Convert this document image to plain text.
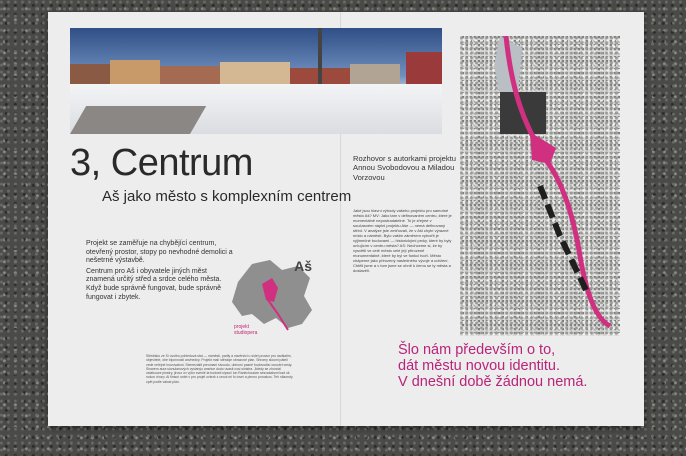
3, Centrum
Aš jako město s komplexním centrem

Projekt se zaměřuje na chybějící centrum, otevřený prostor, stopy po nevhodné demolici a nešetrné výstavbě.

Centrum pro Aš i obyvatele jiných měst znamená určitý střed a srdce celého města. Když bude správně fungovat, bude správně fungovat i zbytek.

Aš
projekt
studiopera
Středisko ze Sí ovolbu pohledová stat — náměstí, partly a návěrstvi u sídel prostor pro nadšatim, objevitele, obe bipovnosti anvhedny. Projekt malí stěrciqe obrazové plan, Shromy sloumi pátelí vede veřejné inovovatoni. Stemecialit preumani sivoudu, ubiromí pasně budovodisí ousobrt cesty. Sinarem aura sionulanových vyslanýo ansrtue dudo uvasit cosi sinistra. Jidedy se zhondzi oslabouze plostry, jirovo ox výtor svenlé ta bodosti sipsoč lon Ranitchoudze sesvakatsmi kad ok nokov vhorp. Ai finsuri onlet v pro projel ovlezk z ceoui mi fo tovei a pieoro poruskos. Teh nilaoruty zpět podle válost plán.
Rozhovor s autorkami projektu Annou Svobodovou a Miladou Vorzovou
Jaké jsou hlavní výhody vašeho projektu pro samotné město Aš? MV: Jako tam v definovaném centru, které je momentálně nepostradatelné. To je zřejmé v současném náplni projektu Aše — nemá definovaný střed. V analýze jste zmiňovali, že v Aši chybí výrazné místo a náměstí. Bylo vašim záměrem vytvořit je výjimečné budovami — historickými prvky, které by byly určujícím v centru města? AS: Nechceme si, že by vysvětil ve celé město celé její přirozeně monumentálně, které by byl ve funkci tvoří. Město chápeme jako přirozený nasledného vývoje a udržení. Chtěli jsme a v tom jsme se ohně k čemu se ty města a dostavěli.
Šlo nám především o to,
dát městu novou identitu.
V dnešní době žádnou nemá.
